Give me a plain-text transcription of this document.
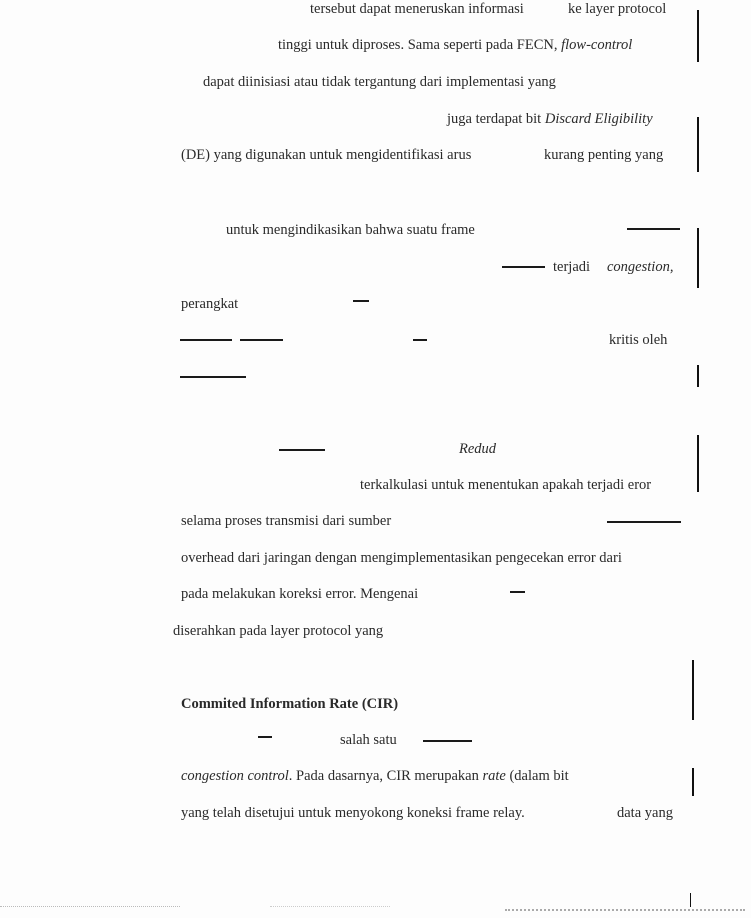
tersebut dapat meneruskan informasi	ke layer protocol
tinggi untuk diproses. Sama seperti pada FECN, flow-control
dapat diinisiasi atau tidak tergantung dari implementasi yang
juga terdapat bit Discard Eligibility
(DE) yang digunakan untuk mengidentifikasi arus	kurang penting yang
untuk mengindikasikan bahwa suatu frame
terjadi congestion,
perangkat
kritis oleh
Redud
terkalkulasi untuk menentukan apakah terjadi eror
selama proses transmisi dari sumber
overhead dari jaringan dengan mengimplementasikan pengecekan error dari
pada melakukan koreksi error. Mengenai
diserahkan pada layer protocol yang
Commited Information Rate (CIR)
salah satu
congestion control. Pada dasarnya, CIR merupakan rate (dalam bit
yang telah disetujui untuk menyokong koneksi frame relay.	data yang
